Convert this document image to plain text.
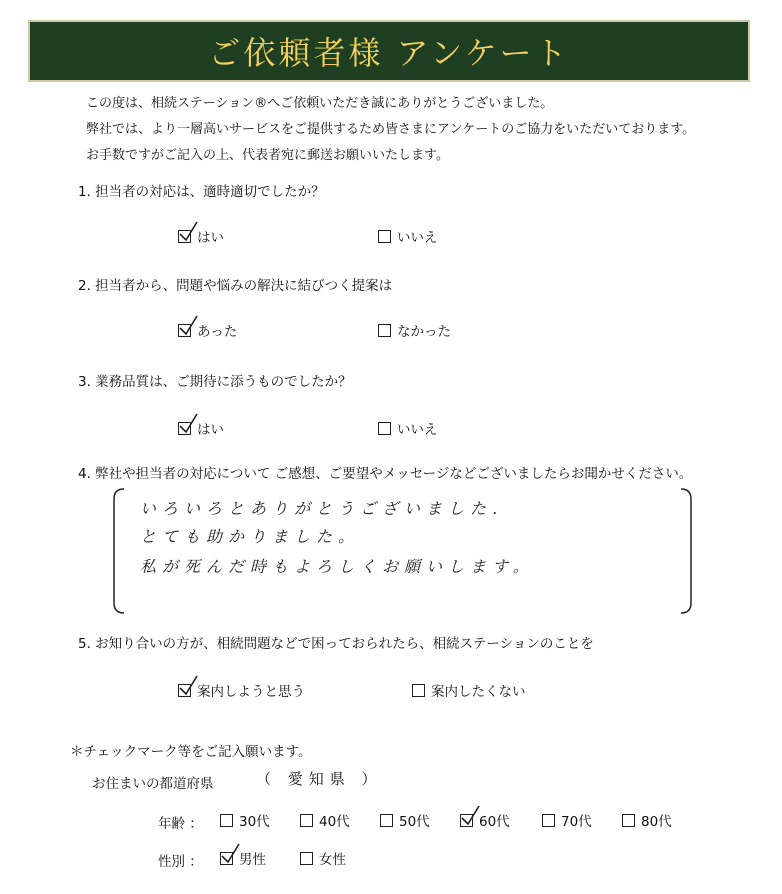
ご依頼者様 アンケート
この度は、相続ステーション®へご依頼いただき誠にありがとうございました。
弊社では、より一層高いサービスをご提供するため皆さまにアンケートのご協力をいただいております。
お手数ですがご記入の上、代表者宛に郵送お願いいたします。
1. 担当者の対応は、適時適切でしたか？
はい	いいえ
2. 担当者から、問題や悩みの解決に結びつく提案は
あった	なかった
3. 業務品質は、ご期待に添うものでしたか？
はい	いいえ
4. 弊社や担当者の対応について ご感想、ご要望やメッセージなどございましたらお聞かせください。
いろいろとありがとうございました．
とても助かりました。
私が死んだ時もよろしくお願いします。
5. お知り合いの方が、相続問題などで困っておられたら、相続ステーションのことを
案内しようと思う	案内したくない
＊チェックマーク等をご記入願います。
お住まいの都道府県	（ 愛知県 ）
年齢 ：	30代	40代	50代	60代	70代	80代
性別 ：	男性	女性
